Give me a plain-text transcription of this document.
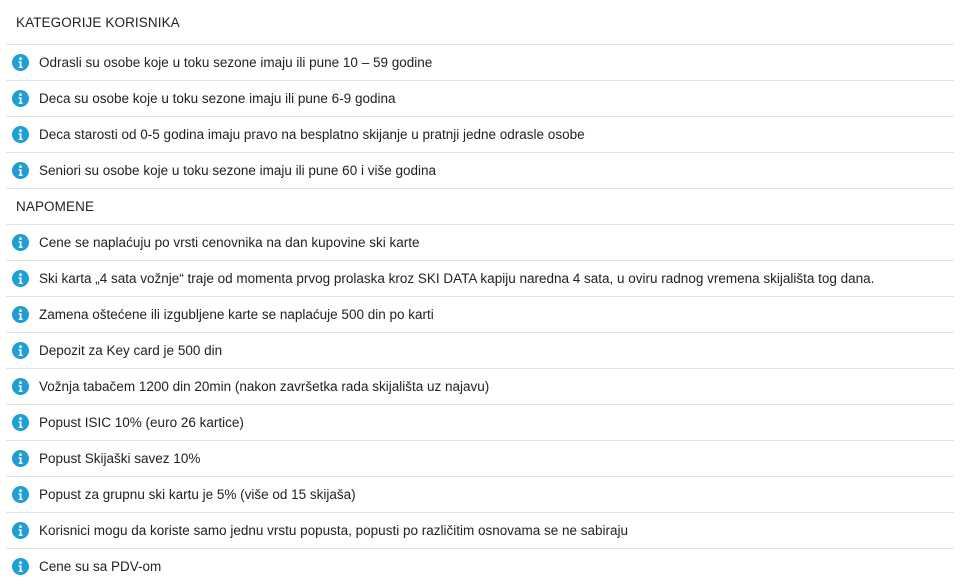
KATEGORIJE KORISNIKA
Odrasli su osobe koje u toku sezone imaju ili pune 10 – 59 godine
Deca su osobe koje u toku sezone imaju ili pune 6-9 godina
Deca starosti od 0-5 godina imaju pravo na besplatno skijanje u pratnji jedne odrasle osobe
Seniori su osobe koje u toku sezone imaju ili pune 60 i više godina
NAPOMENE
Cene se naplaćuju po vrsti cenovnika na dan kupovine ski karte
Ski karta „4 sata vožnje“ traje od momenta prvog prolaska kroz SKI DATA kapiju naredna 4 sata, u oviru radnog vremena skijališta tog dana.
Zamena oštećene ili izgubljene karte se naplaćuje 500 din po karti
Depozit za Key card je 500 din
Vožnja tabačem 1200 din 20min (nakon završetka rada skijališta uz najavu)
Popust ISIC 10% (euro 26 kartice)
Popust Skijaški savez 10%
Popust za grupnu ski kartu je 5% (više od 15 skijaša)
Korisnici mogu da koriste samo jednu vrstu popusta, popusti po različitim osnovama se ne sabiraju
Cene su sa PDV-om
